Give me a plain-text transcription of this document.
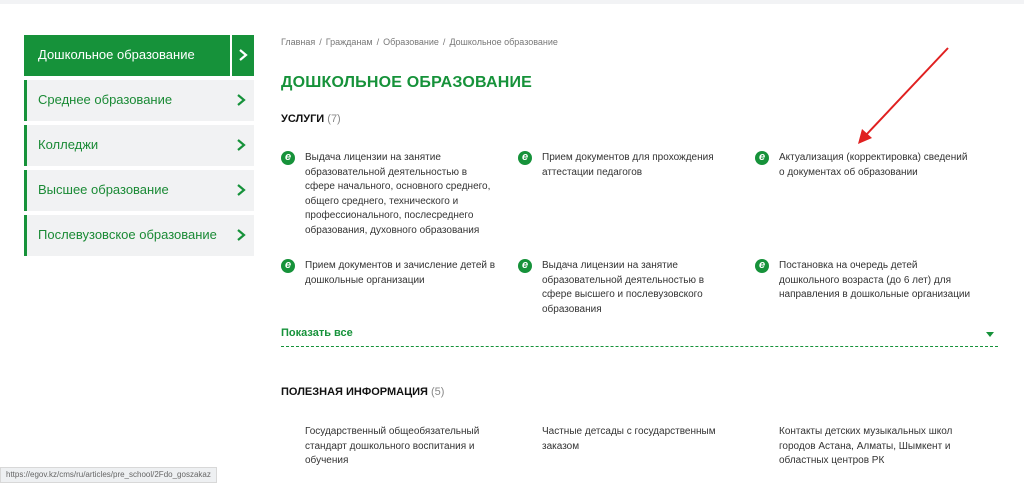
Дошкольное образование
Среднее образование
Колледжи
Высшее образование
Послевузовское образование
Главная / Гражданам / Образование / Дошкольное образование
ДОШКОЛЬНОЕ ОБРАЗОВАНИЕ
УСЛУГИ (7)
e	Выдача лицензии на занятие образовательной деятельностью в сфере начального, основного среднего, общего среднего, технического и профессионального, послесреднего образования, духовного образования
e	Прием документов для прохождения аттестации педагогов
e	Актуализация (корректировка) сведений о документах об образовании
e	Прием документов и зачисление детей в дошкольные организации
e	Выдача лицензии на занятие образовательной деятельностью в сфере высшего и послевузовского образования
e	Постановка на очередь детей дошкольного возраста (до 6 лет) для направления в дошкольные организации
Показать все
ПОЛЕЗНАЯ ИНФОРМАЦИЯ (5)
Государственный общеобязательный стандарт дошкольного воспитания и обучения
Частные детсады с государственным заказом
Контакты детских музыкальных школ городов Астана, Алматы, Шымкент и областных центров РК
https://egov.kz/cms/ru/articles/pre_school/2Fdo_goszakaz
